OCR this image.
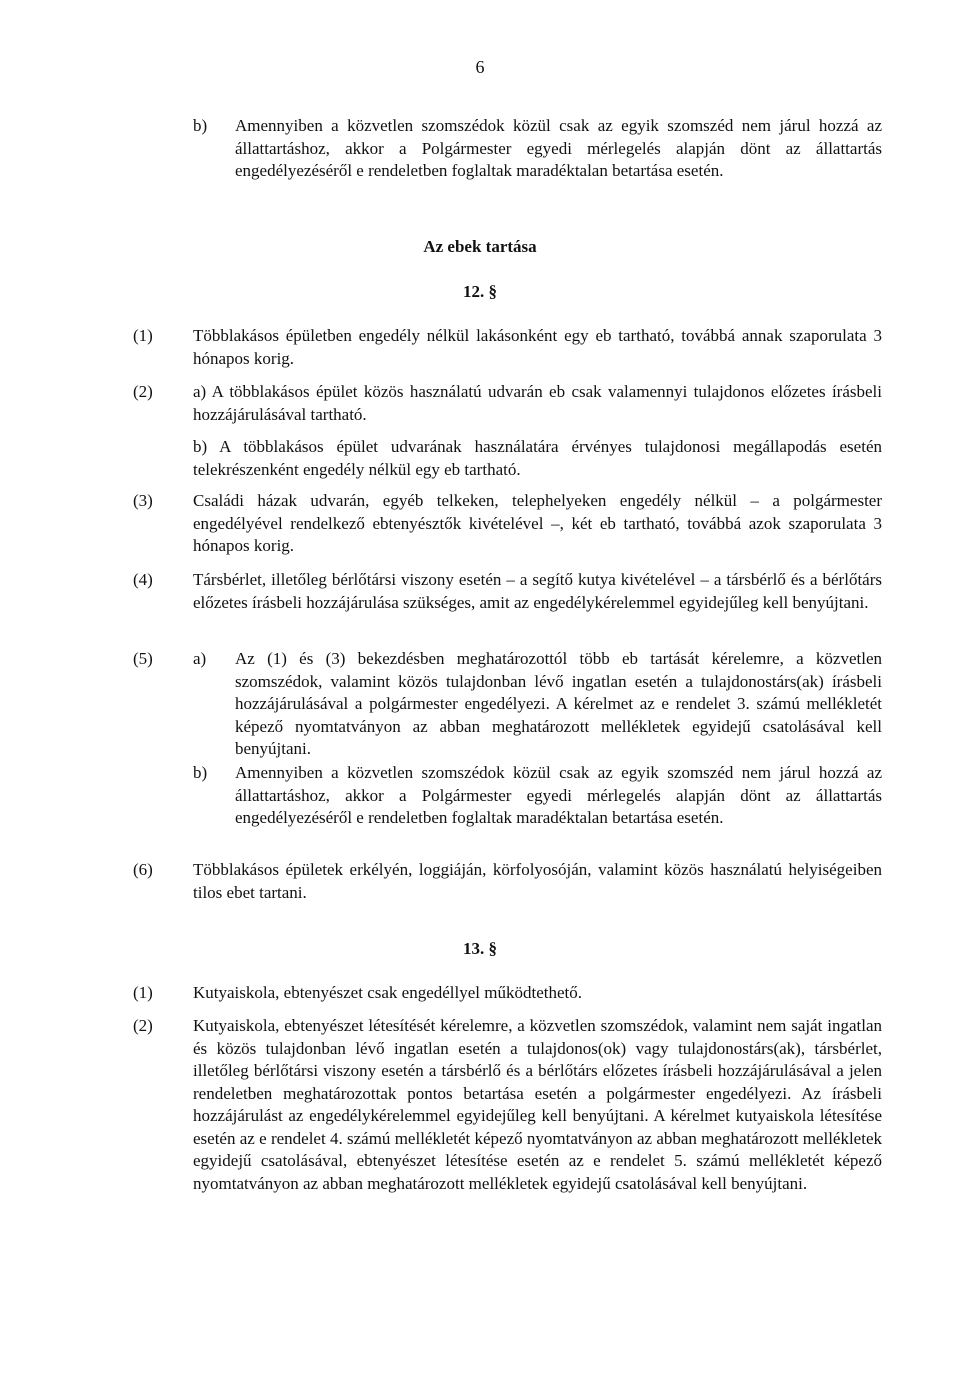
6
b) Amennyiben a közvetlen szomszédok közül csak az egyik szomszéd nem járul hozzá az állattartáshoz, akkor a Polgármester egyedi mérlegelés alapján dönt az állattartás engedélyezéséről e rendeletben foglaltak maradéktalan betartása esetén.
Az ebek tartása
12. §
(1) Többlakásos épületben engedély nélkül lakásonként egy eb tartható, továbbá annak szaporulata 3 hónapos korig.
(2) a) A többlakásos épület közös használatú udvarán eb csak valamennyi tulajdonos előzetes írásbeli hozzájárulásával tartható.
b) A többlakásos épület udvarának használatára érvényes tulajdonosi megállapodás esetén telekrészenként engedély nélkül egy eb tartható.
(3) Családi házak udvarán, egyéb telkeken, telephelyeken engedély nélkül – a polgármester engedélyével rendelkező ebtenyésztők kivételével –, két eb tartható, továbbá azok szaporulata 3 hónapos korig.
(4) Társbérlet, illetőleg bérlőtársi viszony esetén – a segítő kutya kivételével – a társbérlő és a bérlőtárs előzetes írásbeli hozzájárulása szükséges, amit az engedélykérelemmel egyidejűleg kell benyújtani.
(5) a) Az (1) és (3) bekezdésben meghatározottól több eb tartását kérelemre, a közvetlen szomszédok, valamint közös tulajdonban lévő ingatlan esetén a tulajdonostárs(ak) írásbeli hozzájárulásával a polgármester engedélyezi. A kérelmet az e rendelet 3. számú mellékletét képező nyomtatványon az abban meghatározott mellékletek egyidejű csatolásával kell benyújtani.
b) Amennyiben a közvetlen szomszédok közül csak az egyik szomszéd nem járul hozzá az állattartáshoz, akkor a Polgármester egyedi mérlegelés alapján dönt az állattartás engedélyezéséről e rendeletben foglaltak maradéktalan betartása esetén.
(6) Többlakásos épületek erkélyén, loggiáján, körfolyosóján, valamint közös használatú helyiségeiben tilos ebet tartani.
13. §
(1) Kutyaiskola, ebtenyészet csak engedéllyel működtethető.
(2) Kutyaiskola, ebtenyészet létesítését kérelemre, a közvetlen szomszédok, valamint nem saját ingatlan és közös tulajdonban lévő ingatlan esetén a tulajdonos(ok) vagy tulajdonostárs(ak), társbérlet, illetőleg bérlőtársi viszony esetén a társbérlő és a bérlőtárs előzetes írásbeli hozzájárulásával a jelen rendeletben meghatározottak pontos betartása esetén a polgármester engedélyezi. Az írásbeli hozzájárulást az engedélykérelemmel egyidejűleg kell benyújtani. A kérelmet kutyaiskola létesítése esetén az e rendelet 4. számú mellékletét képező nyomtatványon az abban meghatározott mellékletek egyidejű csatolásával, ebtenyészet létesítése esetén az e rendelet 5. számú mellékletét képező nyomtatványon az abban meghatározott mellékletek egyidejű csatolásával kell benyújtani.
